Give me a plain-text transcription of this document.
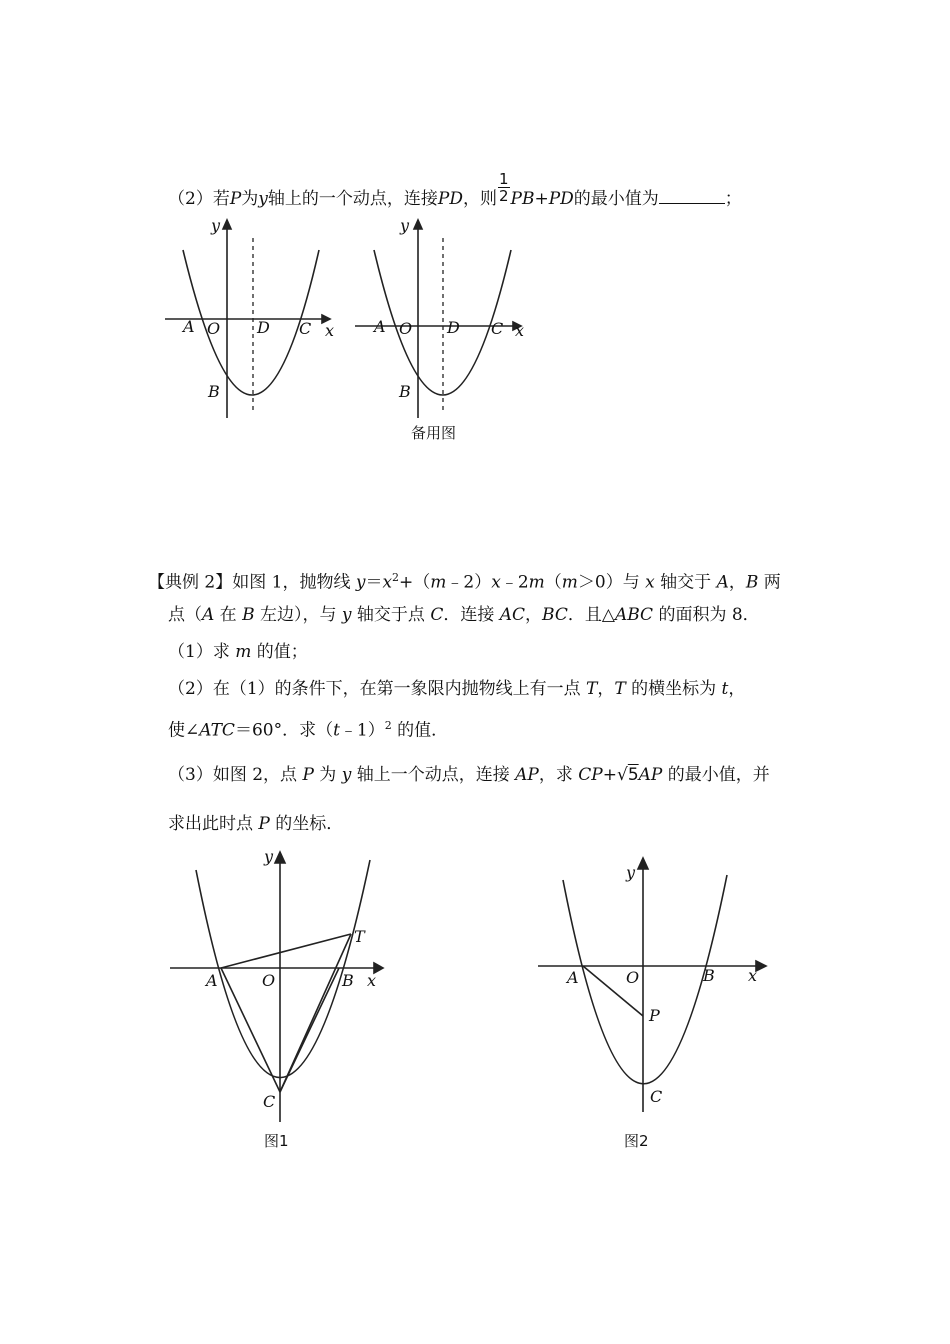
（2）若P为y轴上的一个动点，连接PD，则 $\frac{1}{2} PB+PD$的最小值为	；
y
x
A O D C
B
y
x
A O D C
B
备用图
【典例 2】如图 1，抛物线 $y=x^2+(m﹣2)x﹣2m(m>0)$与 x 轴交于 A，B 两
点（A 在 B 左边），与 y 轴交于点 C．连接 AC，BC．且△ABC 的面积为 8．
（1）求 m 的值；
（2）在（1）的条件下，在第一象限内抛物线上有一点 T，T 的横坐标为 t，
使∠ATC＝60°．求（t﹣1）$^2$ 的值．
（3）如图 2，点 P 为 y 轴上一个动点，连接 AP，求 CP+√5AP 的最小值，并
求出此时点 P 的坐标．
y
x
A	O	B
C
T
图1
y
x
A	O	B
P
C
图2
